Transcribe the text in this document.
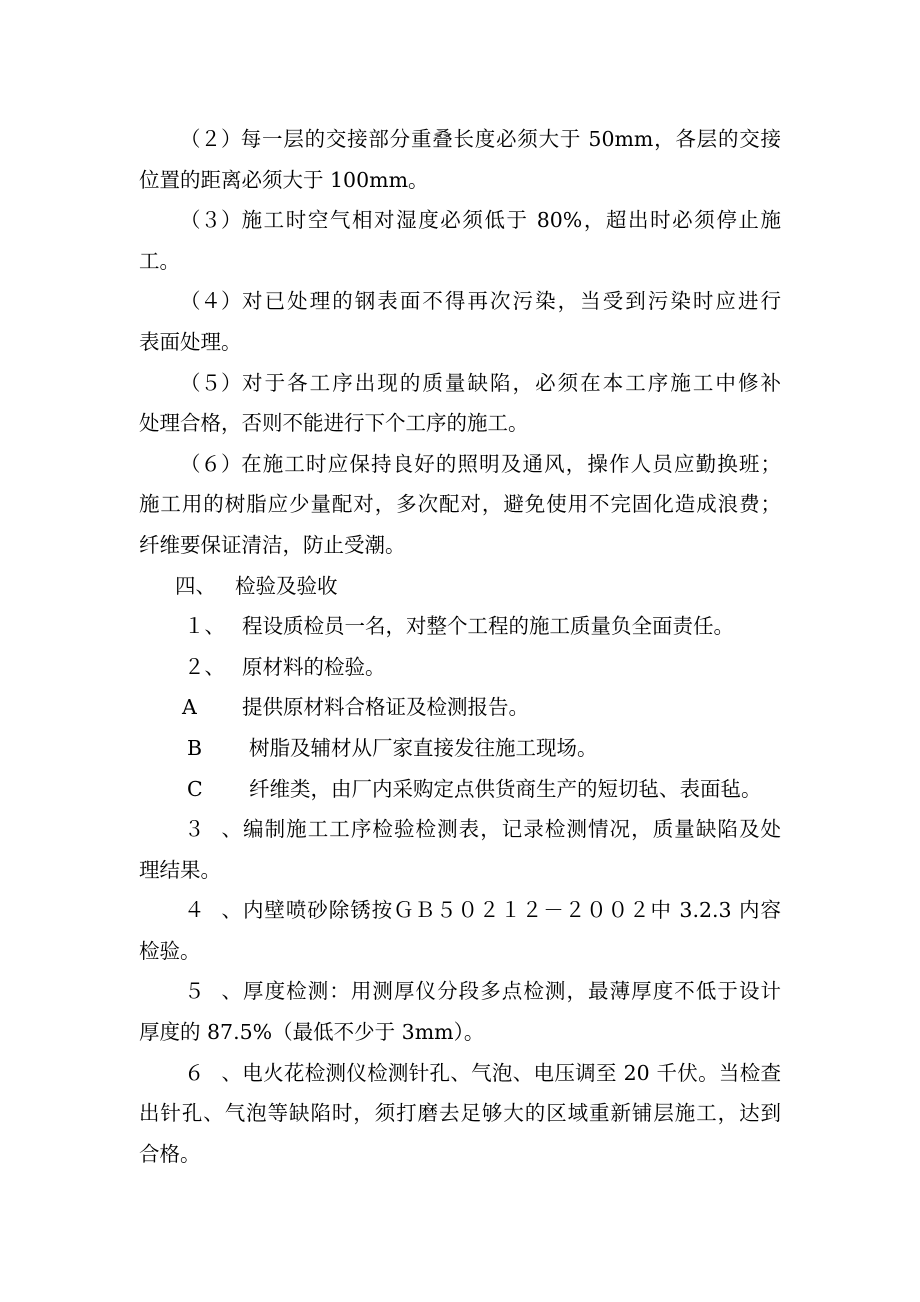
（２）每一层的交接部分重叠长度必须大于 50mm，各层的交接
位置的距离必须大于 100mm。
（３）施工时空气相对湿度必须低于 80%，超出时必须停止施
工。
（４）对已处理的钢表面不得再次污染，当受到污染时应进行
表面处理。
（５）对于各工序出现的质量缺陷，必须在本工序施工中修补
处理合格，否则不能进行下个工序的施工。
（６）在施工时应保持良好的照明及通风，操作人员应勤换班；
施工用的树脂应少量配对，多次配对，避免使用不完固化造成浪费；
纤维要保证清洁，防止受潮。
四、 检验及验收
１、 程设质检员一名，对整个工程的施工质量负全面责任。
２、 原材料的检验。
A 提供原材料合格证及检测报告。
B 树脂及辅材从厂家直接发往施工现场。
C 纤维类，由厂内采购定点供货商生产的短切毡、表面毡。
３、编制施工工序检验检测表，记录检测情况，质量缺陷及处
理结果。
４、内壁喷砂除锈按ＧＢ５０２１２－２００２中 3.2.3 内容
检验。
５、厚度检测：用测厚仪分段多点检测，最薄厚度不低于设计
厚度的 87.5%（最低不少于 3mm）。
６、电火花检测仪检测针孔、气泡、电压调至 20 千伏。当检查
出针孔、气泡等缺陷时，须打磨去足够大的区域重新铺层施工，达到
合格。
